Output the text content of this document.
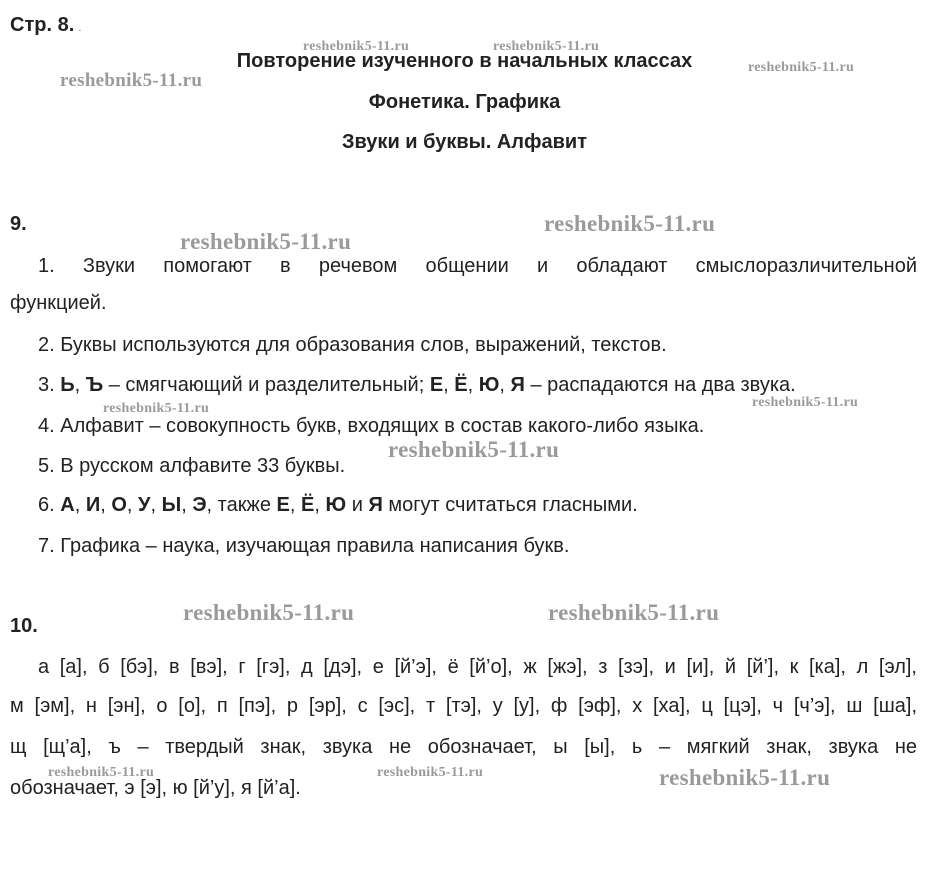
Стр. 8. .
Повторение изученного в начальных классах
Фонетика. Графика
Звуки и буквы. Алфавит
9.
1. Звуки помогают в речевом общении и обладают смыслоразличительной
функцией.
2. Буквы используются для образования слов, выражений, текстов.
3. Ь, Ъ – смягчающий и разделительный; Е, Ё, Ю, Я – распадаются на два звука.
4. Алфавит – совокупность букв, входящих в состав какого-либо языка.
5. В русском алфавите 33 буквы.
6. А, И, О, У, Ы, Э, также Е, Ё, Ю и Я могут считаться гласными.
7. Графика – наука, изучающая правила написания букв.
10.
а [а], б [бэ], в [вэ], г [гэ], д [дэ], е [й’э], ё [й’о], ж [жэ], з [зэ], и [и], й [й’], к [ка], л [эл],
м [эм], н [эн], о [о], п [пэ], р [эр], с [эс], т [тэ], у [у], ф [эф], х [ха], ц [цэ], ч [ч’э], ш [ша],
щ [щ’а], ъ – твердый знак, звука не обозначает, ы [ы], ь – мягкий знак, звука не
обозначает, э [э], ю [й’у], я [й’а].
reshebnik5-11.ru	reshebnik5-11.ru
reshebnik5-11.ru
reshebnik5-11.ru
reshebnik5-11.ru
reshebnik5-11.ru
reshebnik5-11.ru	reshebnik5-11.ru
reshebnik5-11.ru
reshebnik5-11.ru	reshebnik5-11.ru
reshebnik5-11.ru	reshebnik5-11.ru	reshebnik5-11.ru
